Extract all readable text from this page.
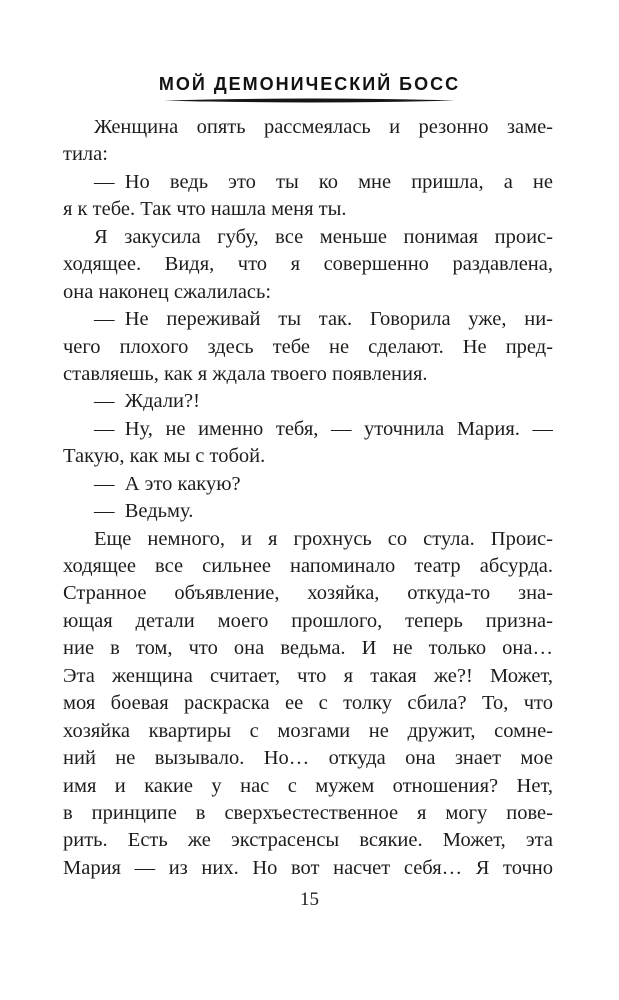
МОЙ ДЕМОНИЧЕСКИЙ БОСС
Женщина опять рассмеялась и резонно заме-
тила:
— Но ведь это ты ко мне пришла, а не
я к тебе. Так что нашла меня ты.
Я закусила губу, все меньше понимая проис-
ходящее. Видя, что я совершенно раздавлена,
она наконец сжалилась:
— Не переживай ты так. Говорила уже, ни-
чего плохого здесь тебе не сделают. Не пред-
ставляешь, как я ждала твоего появления.
— Ждали?!
— Ну, не именно тебя, — уточнила Мария. —
Такую, как мы с тобой.
— А это какую?
— Ведьму.
Еще немного, и я грохнусь со стула. Проис-
ходящее все сильнее напоминало театр абсурда.
Странное объявление, хозяйка, откуда-то зна-
ющая детали моего прошлого, теперь призна-
ние в том, что она ведьма. И не только она…
Эта женщина считает, что я такая же?! Может,
моя боевая раскраска ее с толку сбила? То, что
хозяйка квартиры с мозгами не дружит, сомне-
ний не вызывало. Но… откуда она знает мое
имя и какие у нас с мужем отношения? Нет,
в принципе в сверхъестественное я могу пове-
рить. Есть же экстрасенсы всякие. Может, эта
Мария — из них. Но вот насчет себя… Я точно
15
